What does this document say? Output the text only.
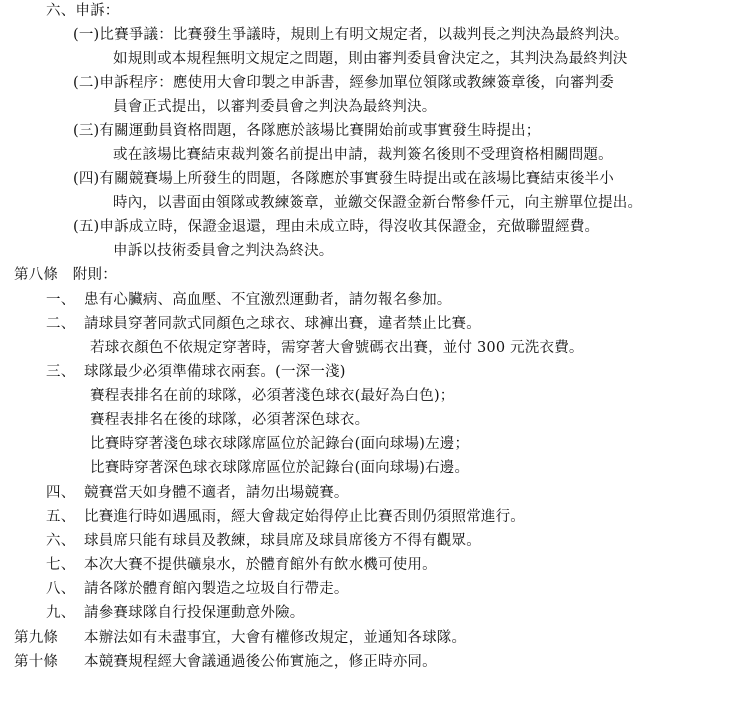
六、申訴：
(一)比賽爭議：比賽發生爭議時，規則上有明文規定者，以裁判長之判決為最終判決。
如規則或本規程無明文規定之問題，則由審判委員會決定之，其判決為最終判決
(二)申訴程序：應使用大會印製之申訴書，經參加單位領隊或教練簽章後，向審判委
員會正式提出，以審判委員會之判決為最終判決。
(三)有關運動員資格問題，各隊應於該場比賽開始前或事實發生時提出；
或在該場比賽結束裁判簽名前提出申請，裁判簽名後則不受理資格相關問題。
(四)有關競賽場上所發生的問題，各隊應於事實發生時提出或在該場比賽結束後半小
時內，以書面由領隊或教練簽章，並繳交保證金新台幣參仟元，向主辦單位提出。
(五)申訴成立時，保證金退還，理由未成立時，得沒收其保證金，充做聯盟經費。
申訴以技術委員會之判決為終決。
第八條　附則：
一、 患有心臟病、高血壓、不宜激烈運動者，請勿報名參加。
二、 請球員穿著同款式同顏色之球衣、球褲出賽，違者禁止比賽。
若球衣顏色不依規定穿著時，需穿著大會號碼衣出賽，並付 300 元洗衣費。
三、 球隊最少必須準備球衣兩套。(一深一淺)
賽程表排名在前的球隊，必須著淺色球衣(最好為白色)；
賽程表排名在後的球隊，必須著深色球衣。
比賽時穿著淺色球衣球隊席區位於記錄台(面向球場)左邊；
比賽時穿著深色球衣球隊席區位於記錄台(面向球場)右邊。
四、 競賽當天如身體不適者，請勿出場競賽。
五、 比賽進行時如遇風雨，經大會裁定始得停止比賽否則仍須照常進行。
六、 球員席只能有球員及教練，球員席及球員席後方不得有觀眾。
七、 本次大賽不提供礦泉水，於體育館外有飲水機可使用。
八、 請各隊於體育館內製造之垃圾自行帶走。
九、 請參賽球隊自行投保運動意外險。
第九條 本辦法如有未盡事宜，大會有權修改規定，並通知各球隊。
第十條 本競賽規程經大會議通過後公佈實施之，修正時亦同。
